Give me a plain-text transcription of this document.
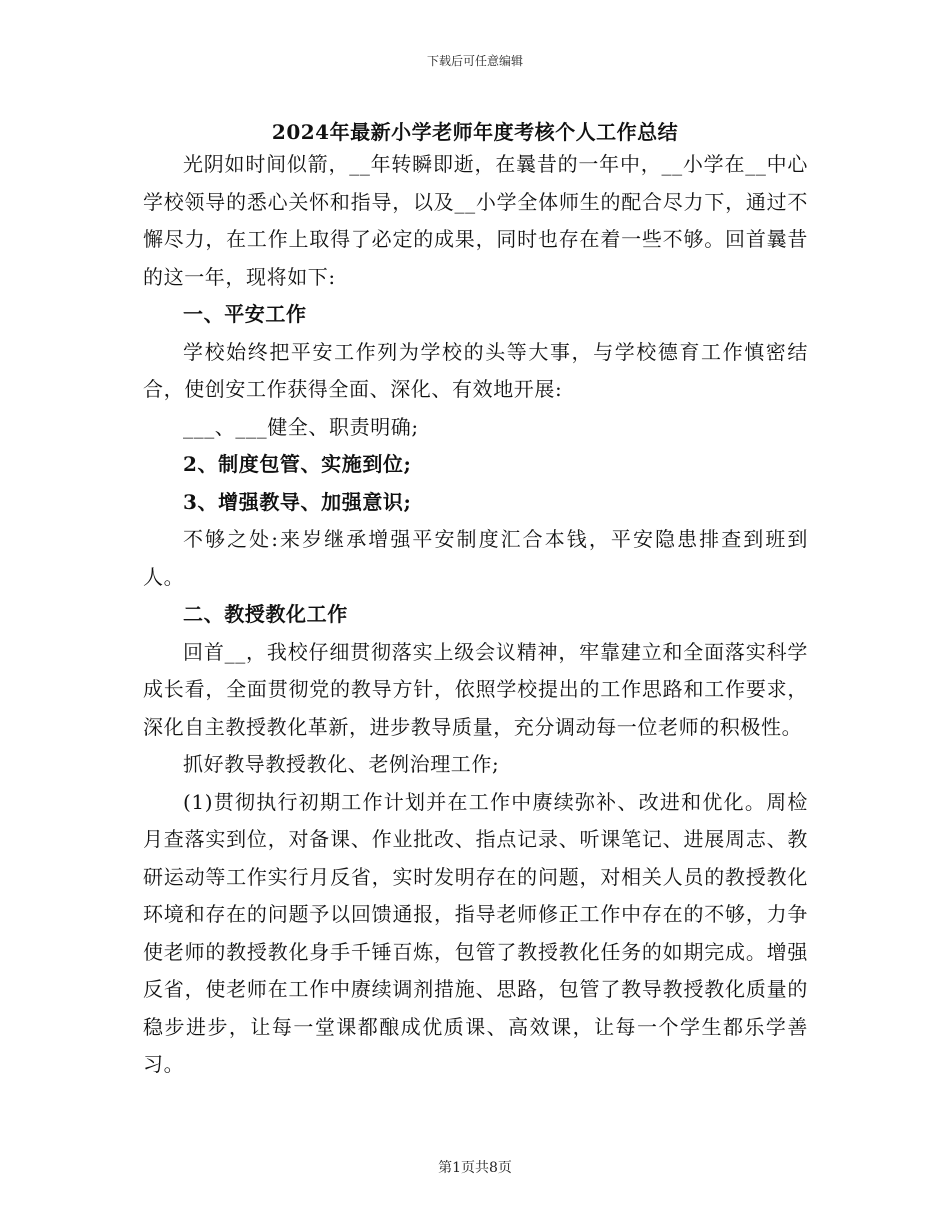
下载后可任意编辑
2024年最新小学老师年度考核个人工作总结

光阴如时间似箭，__年转瞬即逝，在曩昔的一年中，__小学在__中心学校领导的悉心关怀和指导，以及__小学全体师生的配合尽力下，通过不懈尽力，在工作上取得了必定的成果，同时也存在着一些不够。回首曩昔的这一年，现将如下:

一、平安工作

学校始终把平安工作列为学校的头等大事，与学校德育工作慎密结合，使创安工作获得全面、深化、有效地开展:

___、___健全、职责明确;

2、制度包管、实施到位;

3、增强教导、加强意识;

不够之处:来岁继承增强平安制度汇合本钱，平安隐患排查到班到人。

二、教授教化工作

回首__，我校仔细贯彻落实上级会议精神，牢靠建立和全面落实科学成长看，全面贯彻党的教导方针，依照学校提出的工作思路和工作要求，深化自主教授教化革新，进步教导质量，充分调动每一位老师的积极性。

抓好教导教授教化、老例治理工作;

(1)贯彻执行初期工作计划并在工作中赓续弥补、改进和优化。周检月查落实到位，对备课、作业批改、指点记录、听课笔记、进展周志、教研运动等工作实行月反省，实时发明存在的问题，对相关人员的教授教化环境和存在的问题予以回馈通报，指导老师修正工作中存在的不够，力争使老师的教授教化身手千锤百炼，包管了教授教化任务的如期完成。增强反省，使老师在工作中赓续调剂措施、思路，包管了教导教授教化质量的稳步进步，让每一堂课都酿成优质课、高效课，让每一个学生都乐学善习。

第1页共8页
